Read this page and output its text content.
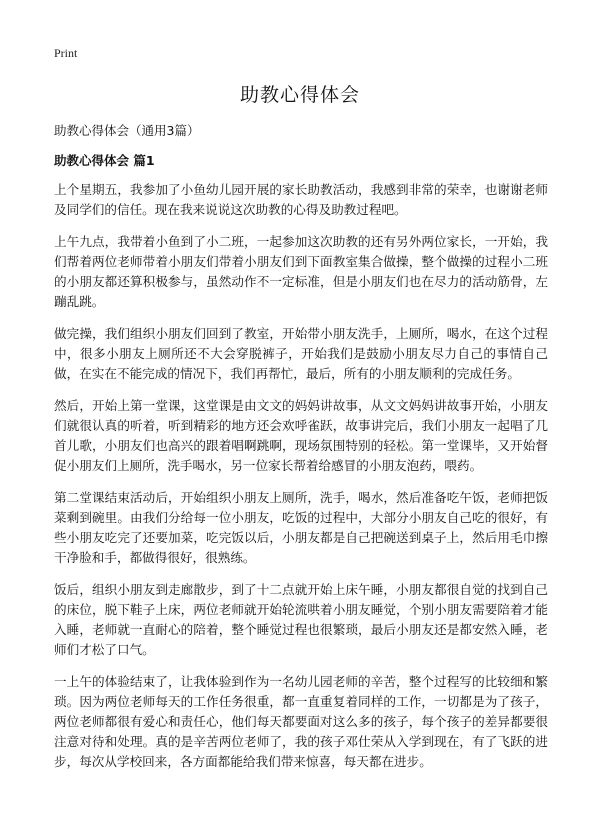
Print
助教心得体会

助教心得体会（通用3篇）

助教心得体会 篇1

上个星期五，我参加了小鱼幼儿园开展的家长助教活动，我感到非常的荣幸，也谢谢老师及同学们的信任。现在我来说说这次助教的心得及助教过程吧。

上午九点，我带着小鱼到了小二班，一起参加这次助教的还有另外两位家长，一开始，我们帮着两位老师带着小朋友们带着小朋友们到下面教室集合做操，整个做操的过程小二班的小朋友都还算积极参与，虽然动作不一定标准，但是小朋友们也在尽力的活动筋骨，左蹦乱跳。

做完操，我们组织小朋友们回到了教室，开始带小朋友洗手，上厕所，喝水，在这个过程中，很多小朋友上厕所还不大会穿脱裤子，开始我们是鼓励小朋友尽力自己的事情自己做，在实在不能完成的情况下，我们再帮忙，最后，所有的小朋友顺利的完成任务。

然后，开始上第一堂课，这堂课是由文文的妈妈讲故事，从文文妈妈讲故事开始，小朋友们就很认真的听着，听到精彩的地方还会欢呼雀跃，故事讲完后，我们小朋友一起唱了几首儿歌，小朋友们也高兴的跟着唱啊跳啊，现场氛围特别的轻松。第一堂课毕，又开始督促小朋友们上厕所，洗手喝水，另一位家长帮着给感冒的小朋友泡药，喂药。

第二堂课结束活动后，开始组织小朋友上厕所，洗手，喝水，然后准备吃午饭，老师把饭菜剩到碗里。由我们分给每一位小朋友，吃饭的过程中，大部分小朋友自己吃的很好，有些小朋友吃完了还要加菜，吃完饭以后，小朋友都是自己把碗送到桌子上，然后用毛巾擦干净脸和手，都做得很好，很熟练。

饭后，组织小朋友到走廊散步，到了十二点就开始上床午睡，小朋友都很自觉的找到自己的床位，脱下鞋子上床，两位老师就开始轮流哄着小朋友睡觉，个别小朋友需要陪着才能入睡，老师就一直耐心的陪着，整个睡觉过程也很繁琐，最后小朋友还是都安然入睡，老师们才松了口气。

一上午的体验结束了，让我体验到作为一名幼儿园老师的辛苦，整个过程写的比较细和繁琐。因为两位老师每天的工作任务很重，都一直重复着同样的工作，一切都是为了孩子，两位老师都很有爱心和责任心，他们每天都要面对这么多的孩子，每个孩子的差异都要很注意对待和处理。真的是辛苦两位老师了，我的孩子邓仕荣从入学到现在，有了飞跃的进步，每次从学校回来，各方面都能给我们带来惊喜，每天都在进步。
